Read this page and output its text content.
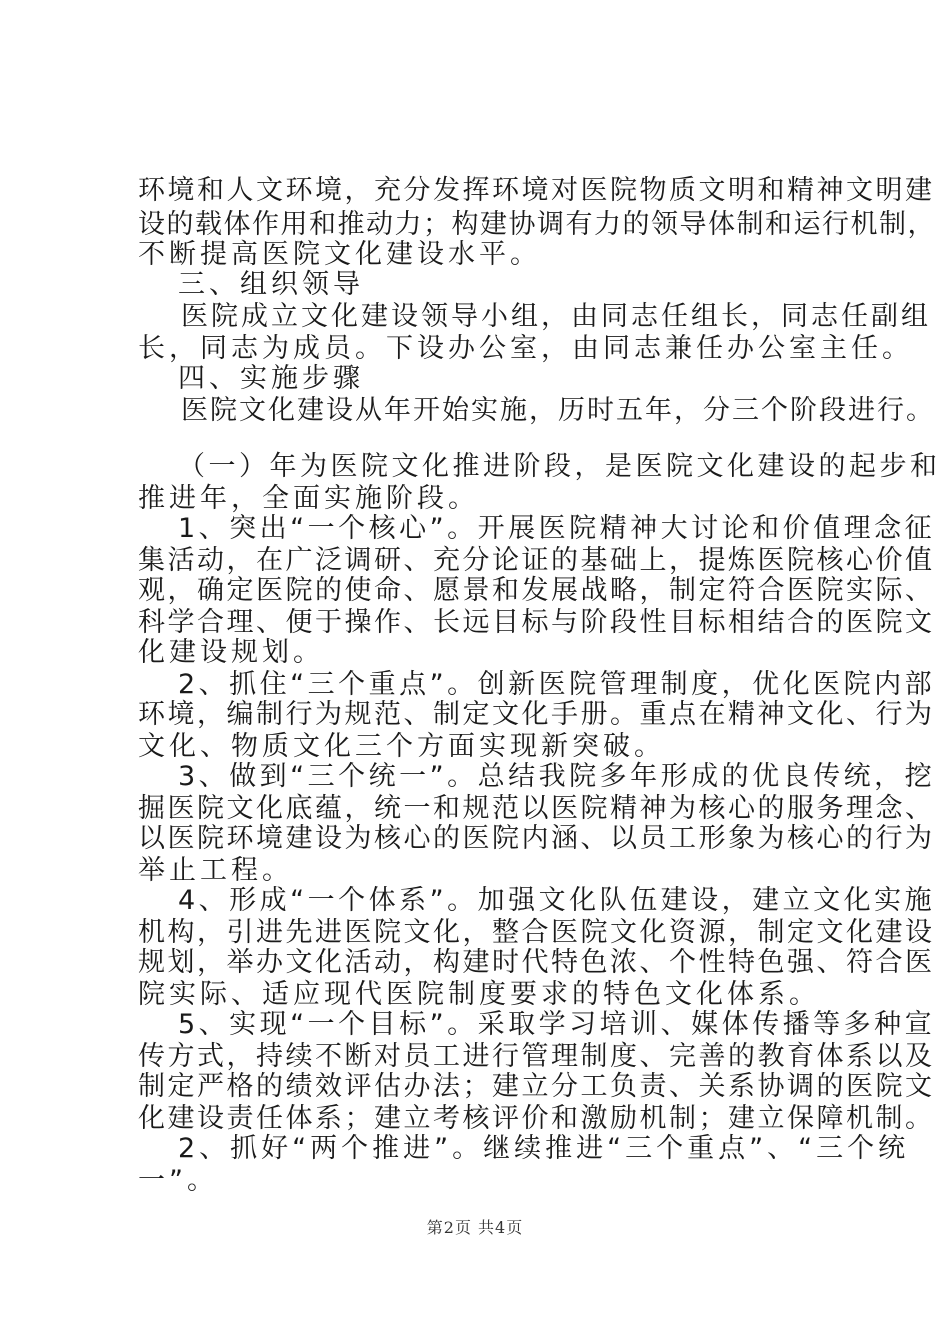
环境和人文环境，充分发挥环境对医院物质文明和精神文明建
设的载体作用和推动力；构建协调有力的领导体制和运行机制，
不断提高医院文化建设水平。
三、组织领导
医院成立文化建设领导小组，由同志任组长，同志任副组
长，同志为成员。下设办公室，由同志兼任办公室主任。
四、实施步骤
医院文化建设从年开始实施，历时五年，分三个阶段进行。
（一）年为医院文化推进阶段，是医院文化建设的起步和
推进年，全面实施阶段。
1、突出“一个核心”。开展医院精神大讨论和价值理念征
集活动，在广泛调研、充分论证的基础上，提炼医院核心价值
观，确定医院的使命、愿景和发展战略，制定符合医院实际、
科学合理、便于操作、长远目标与阶段性目标相结合的医院文
化建设规划。
2、抓住“三个重点”。创新医院管理制度，优化医院内部
环境，编制行为规范、制定文化手册。重点在精神文化、行为
文化、物质文化三个方面实现新突破。
3、做到“三个统一”。总结我院多年形成的优良传统，挖
掘医院文化底蕴，统一和规范以医院精神为核心的服务理念、
以医院环境建设为核心的医院内涵、以员工形象为核心的行为
举止工程。
4、形成“一个体系”。加强文化队伍建设，建立文化实施
机构，引进先进医院文化，整合医院文化资源，制定文化建设
规划，举办文化活动，构建时代特色浓、个性特色强、符合医
院实际、适应现代医院制度要求的特色文化体系。
5、实现“一个目标”。采取学习培训、媒体传播等多种宣
传方式，持续不断对员工进行管理制度、完善的教育体系以及
制定严格的绩效评估办法；建立分工负责、关系协调的医院文
化建设责任体系；建立考核评价和激励机制；建立保障机制。
2、抓好“两个推进”。继续推进“三个重点”、“三个统
一”。
第2页 共4页
